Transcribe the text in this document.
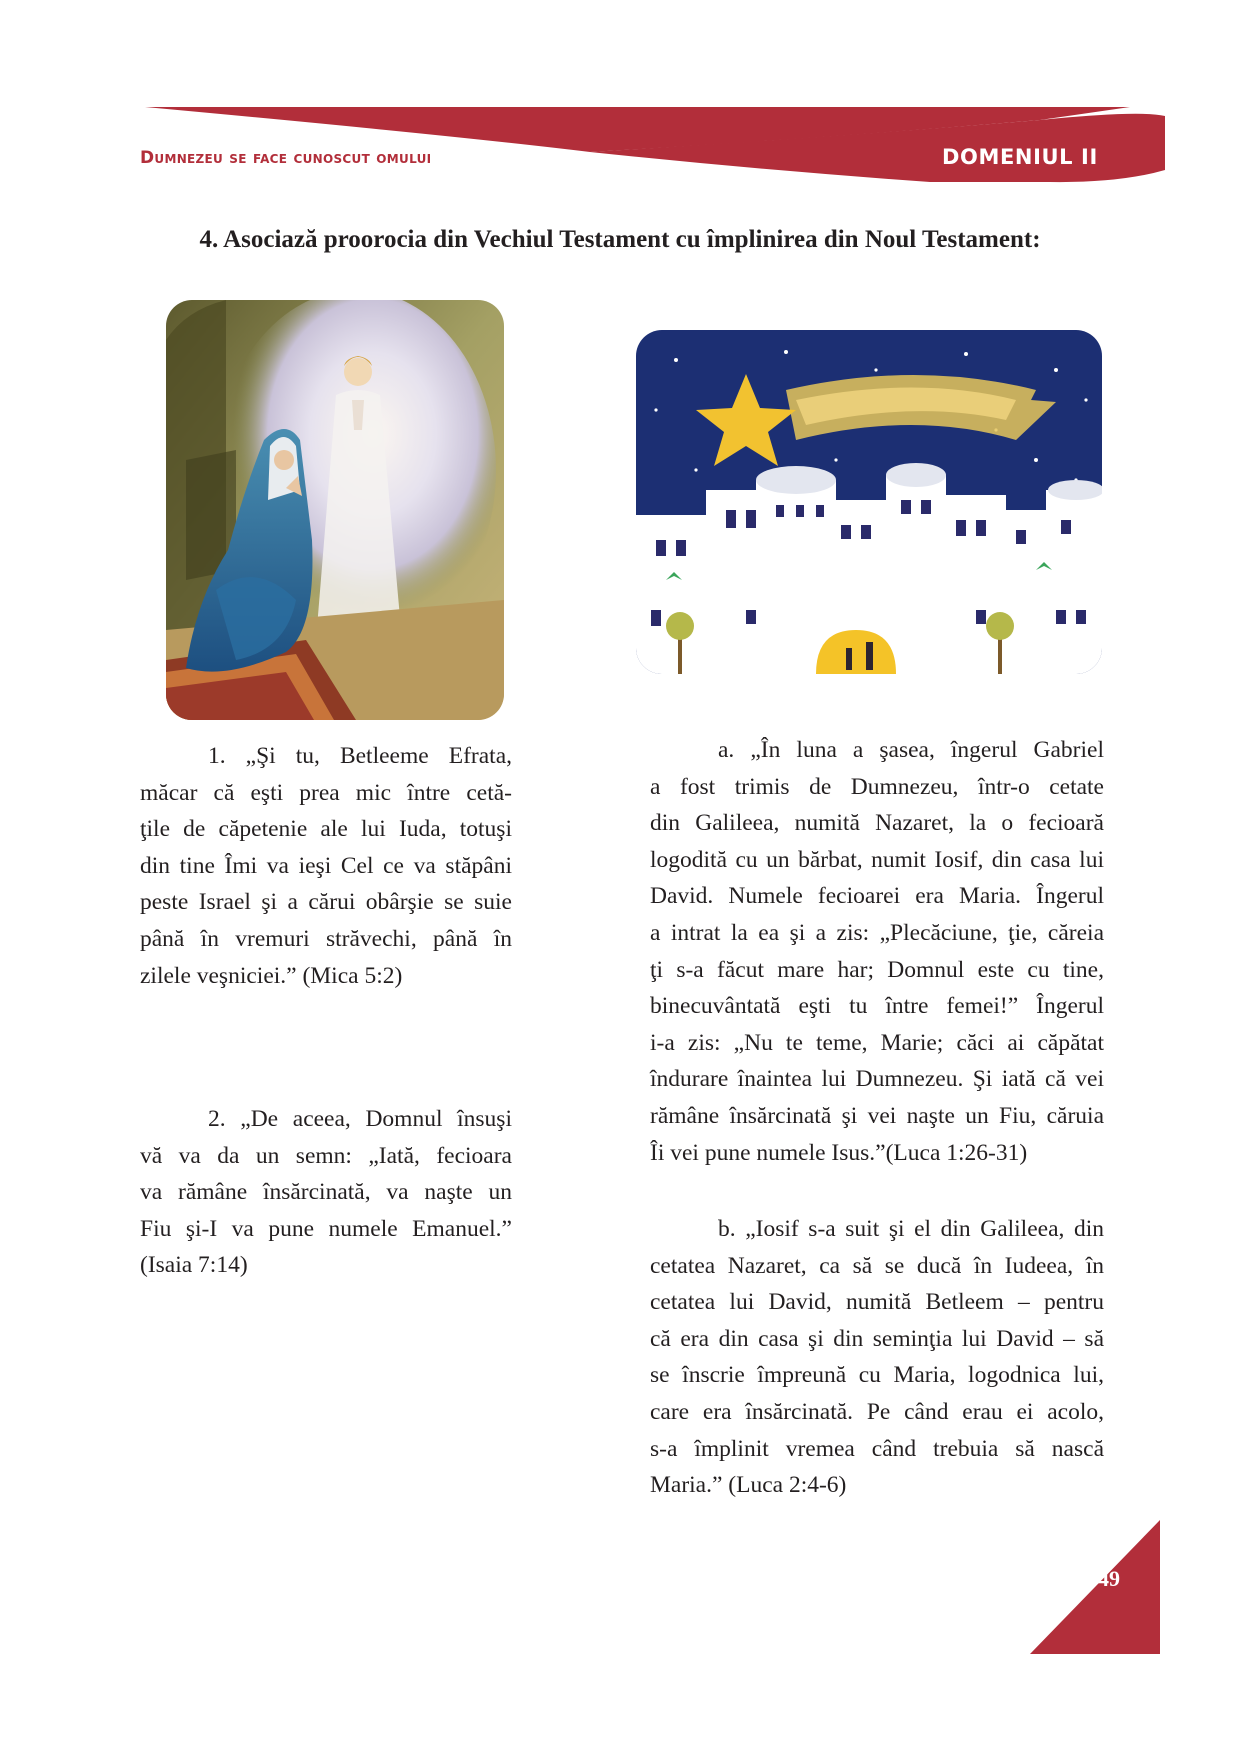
Dumnezeu se face cunoscut omului	DOMENIUL II
4. Asociază proorocia din Vechiul Testament cu împlinirea din Noul Testament:
1. „Şi tu, Betleeme Efrata,
măcar că eşti prea mic între cetă-
ţile de căpetenie ale lui Iuda, totuşi
din tine Îmi va ieşi Cel ce va stăpâni
peste Israel şi a cărui obârşie se suie
până în vremuri străvechi, până în
zilele veşniciei.” (Mica 5:2)
2. „De aceea, Domnul însuşi
vă va da un semn: „Iată, fecioara
va rămâne însărcinată, va naşte un
Fiu şi-I va pune numele Emanuel.”
(Isaia 7:14)
a. „În luna a şasea, îngerul Gabriel
a fost trimis de Dumnezeu, într-o cetate
din Galileea, numită Nazaret, la o fecioară
logodită cu un bărbat, numit Iosif, din casa lui
David. Numele fecioarei era Maria. Îngerul
a intrat la ea şi a zis: „Plecăciune, ţie, căreia
ţi s-a făcut mare har; Domnul este cu tine,
binecuvântată eşti tu între femei!” Îngerul
i-a zis: „Nu te teme, Marie; căci ai căpătat
îndurare înaintea lui Dumnezeu. Şi iată că vei
rămâne însărcinată şi vei naşte un Fiu, căruia
Îi vei pune numele Isus.”(Luca 1:26-31)
b. „Iosif s-a suit şi el din Galileea, din
cetatea Nazaret, ca să se ducă în Iudeea, în
cetatea lui David, numită Betleem – pentru
că era din casa şi din seminţia lui David – să
se înscrie împreună cu Maria, logodnica lui,
care era însărcinată. Pe când erau ei acolo,
s-a împlinit vremea când trebuia să nască
Maria.” (Luca 2:4-6)
49
